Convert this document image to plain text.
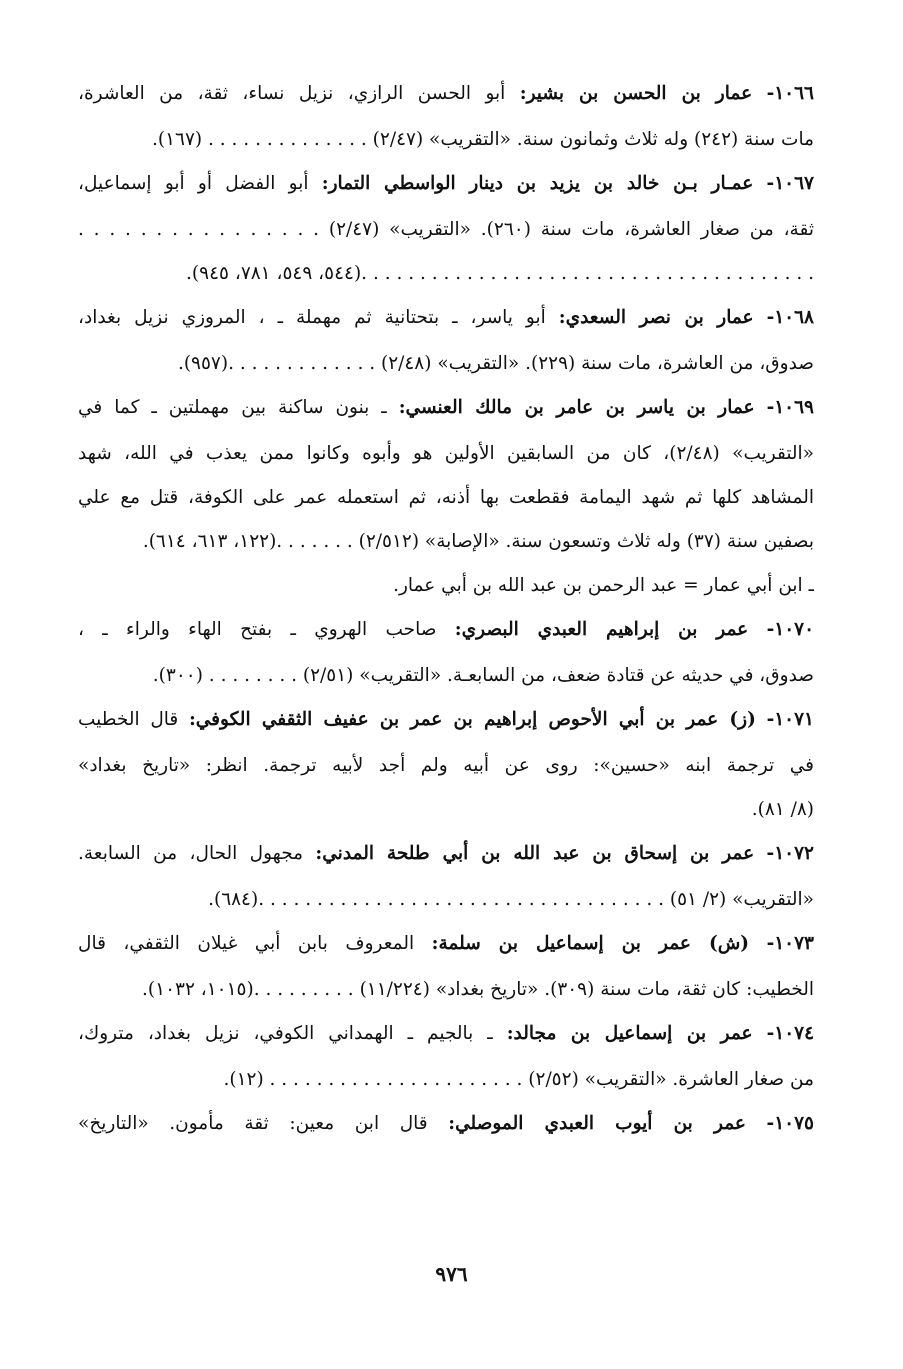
١٠٦٦- عمار بن الحسن بن بشير: أبو الحسن الرازي، نزيل نساء، ثقة، من العاشرة،
مات سنة (٢٤٢) وله ثلاث وثمانون سنة. «التقريب» (٢/٤٧) . . . . . . . . . . . . . . (١٦٧).
١٠٦٧- عمـار بـن خالد بن يزيد بن دينار الواسطي التمار: أبو الفضل أو أبو إسماعيل،
ثقة، من صغار العاشرة، مات سنة (٢٦٠). «التقريب» (٢/٤٧) . . . . . . . . . . . . . . . .
. . . . . . . . . . . . . . . . . . . . . . . . . . . . . . . . . . . . . . .(٥٤٤، ٥٤٩، ٧٨١، ٩٤٥).
١٠٦٨- عمار بن نصر السعدي: أبو ياسر، ـ بتحتانية ثم مهملة ـ ، المروزي نزيل بغداد،
صدوق، من العاشرة، مات سنة (٢٢٩). «التقريب» (٢/٤٨) . . . . . . . . . . . . .(٩٥٧).
١٠٦٩- عمار بن ياسر بن عامر بن مالك العنسي: ـ بنون ساكنة بين مهملتين ـ كما في
«التقريب» (٢/٤٨)، كان من السابقين الأولين هو وأبوه وكانوا ممن يعذب في الله، شهد
المشاهد كلها ثم شهد اليمامة فقطعت بها أذنه، ثم استعمله عمر على الكوفة، قتل مع علي
بصفين سنة (٣٧) وله ثلاث وتسعون سنة. «الإصابة» (٢/٥١٢) . . . . . . .(١٢٢، ٦١٣، ٦١٤).
ـ ابن أبي عمار = عبد الرحمن بن عبد الله بن أبي عمار.
١٠٧٠- عمر بن إبراهيم العبدي البصري: صاحب الهروي ـ بفتح الهاء والراء ـ ،
صدوق، في حديثه عن قتادة ضعف، من السابعـة. «التقريب» (٢/٥١) . . . . . . . . (٣٠٠).
١٠٧١- (ز) عمر بن أبي الأحوص إبراهيم بن عمر بن عفيف الثقفي الكوفي: قال الخطيب
في ترجمة ابنه «حسين»: روى عن أبيه ولم أجد لأبيه ترجمة. انظر: «تاريخ بغداد»
(٨/ ٨١).
١٠٧٢- عمر بن إسحاق بن عبد الله بن أبي طلحة المدني: مجهول الحال، من السابعة.
«التقريب» (٢/ ٥١) . . . . . . . . . . . . . . . . . . . . . . . . . . . . . . . . . . .(٦٨٤).
١٠٧٣- (ش) عمر بن إسماعيل بن سلمة: المعروف بابن أبي غيلان الثقفي، قال
الخطيب: كان ثقة، مات سنة (٣٠٩). «تاريخ بغداد» (١١/٢٢٤) . . . . . . . . .(١٠١٥، ١٠٣٢).
١٠٧٤- عمر بن إسماعيل بن مجالد: ـ بالجيم ـ الهمداني الكوفي، نزيل بغداد، متروك،
من صغار العاشرة. «التقريب» (٢/٥٢) . . . . . . . . . . . . . . . . . . . . . . (١٢).
١٠٧٥- عمر بن أيوب العبدي الموصلي: قال ابن معين: ثقة مأمون. «التاريخ»
٩٧٦
